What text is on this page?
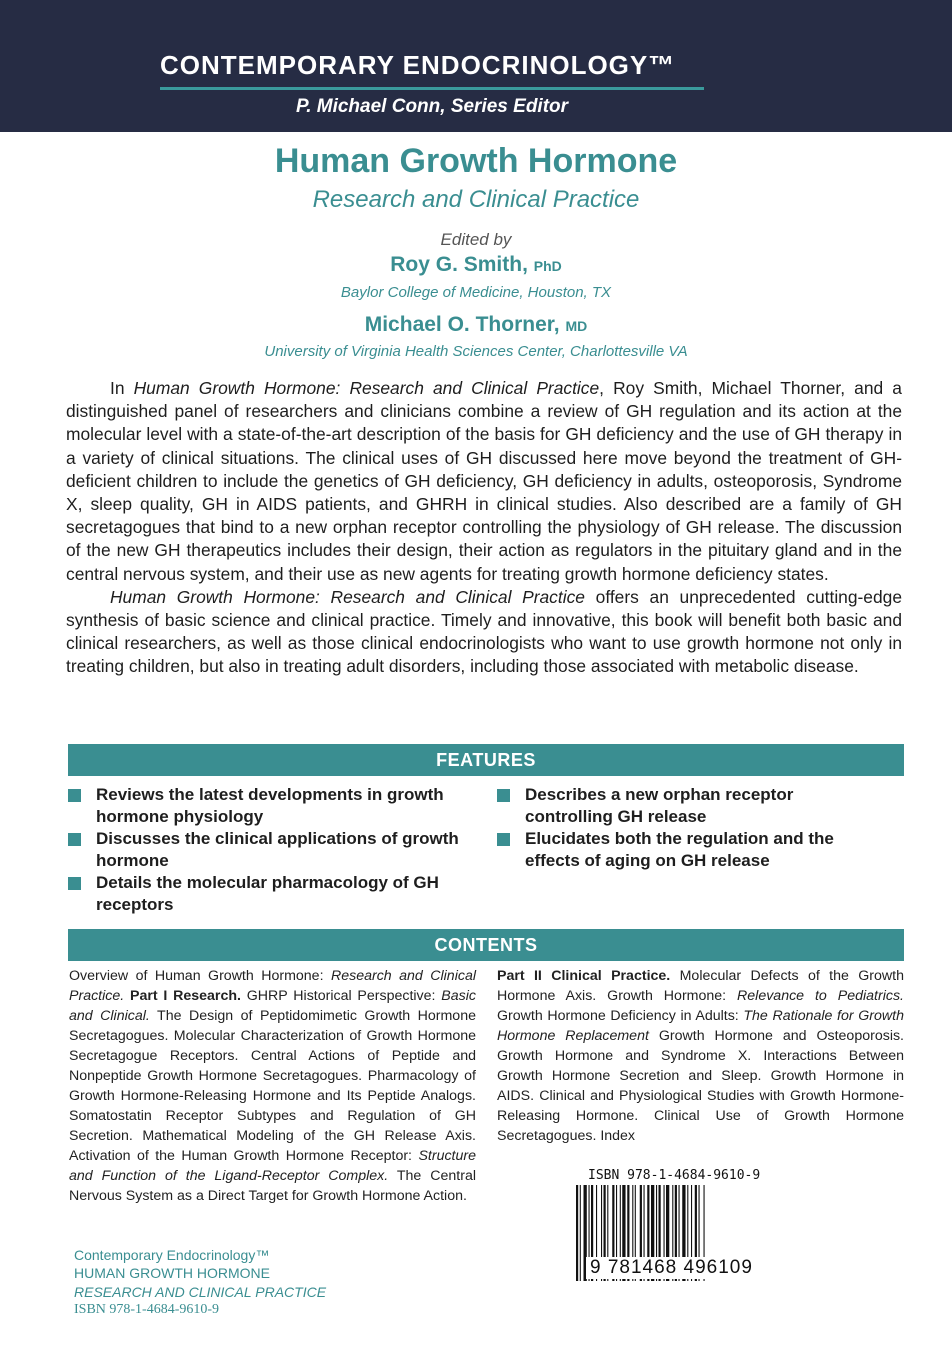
CONTEMPORARY ENDOCRINOLOGY™
P. Michael Conn, Series Editor
Human Growth Hormone
Research and Clinical Practice
Edited by
Roy G. Smith, PhD
Baylor College of Medicine, Houston, TX
Michael O. Thorner, MD
University of Virginia Health Sciences Center, Charlottesville VA

In Human Growth Hormone: Research and Clinical Practice, Roy Smith, Michael Thorner, and a distinguished panel of researchers and clinicians combine a review of GH regulation and its action at the molecular level with a state-of-the-art description of the basis for GH deficiency and the use of GH therapy in a variety of clinical situations. The clinical uses of GH discussed here move beyond the treatment of GH-deficient children to include the genetics of GH deficiency, GH deficiency in adults, osteoporosis, Syndrome X, sleep quality, GH in AIDS patients, and GHRH in clinical studies. Also described are a family of GH secretagogues that bind to a new orphan receptor controlling the physiology of GH release. The discussion of the new GH therapeutics includes their design, their action as regulators in the pituitary gland and in the central nervous system, and their use as new agents for treating growth hormone deficiency states.

Human Growth Hormone: Research and Clinical Practice offers an unprecedented cutting-edge synthesis of basic science and clinical practice. Timely and innovative, this book will benefit both basic and clinical researchers, as well as those clinical endocrinologists who want to use growth hormone not only in treating children, but also in treating adult disorders, including those associated with metabolic disease.

FEATURES
Reviews the latest developments in growth hormone physiology
Discusses the clinical applications of growth hormone
Details the molecular pharmacology of GH receptors
Describes a new orphan receptor controlling GH release
Elucidates both the regulation and the effects of aging on GH release
CONTENTS
Overview of Human Growth Hormone: Research and Clinical Practice. Part I Research. GHRP Historical Perspective: Basic and Clinical. The Design of Peptidomimetic Growth Hormone Secretagogues. Molecular Characterization of Growth Hormone Secretagogue Receptors. Central Actions of Peptide and Nonpeptide Growth Hormone Secretagogues. Pharmacology of Growth Hormone-Releasing Hormone and Its Peptide Analogs. Somatostatin Receptor Subtypes and Regulation of GH Secretion. Mathematical Modeling of the GH Release Axis. Activation of the Human Growth Hormone Receptor: Structure and Function of the Ligand-Receptor Complex. The Central Nervous System as a Direct Target for Growth Hormone Action.
Part II Clinical Practice. Molecular Defects of the Growth Hormone Axis. Growth Hormone: Relevance to Pediatrics. Growth Hormone Deficiency in Adults: The Rationale for Growth Hormone Replacement Growth Hormone and Osteoporosis. Growth Hormone and Syndrome X. Interactions Between Growth Hormone Secretion and Sleep. Growth Hormone in AIDS. Clinical and Physiological Studies with Growth Hormone-Releasing Hormone. Clinical Use of Growth Hormone Secretagogues. Index
ISBN 978-1-4684-9610-9
9 781468 496109
Contemporary Endocrinology™
HUMAN GROWTH HORMONE
RESEARCH AND CLINICAL PRACTICE
ISBN 978-1-4684-9610-9
